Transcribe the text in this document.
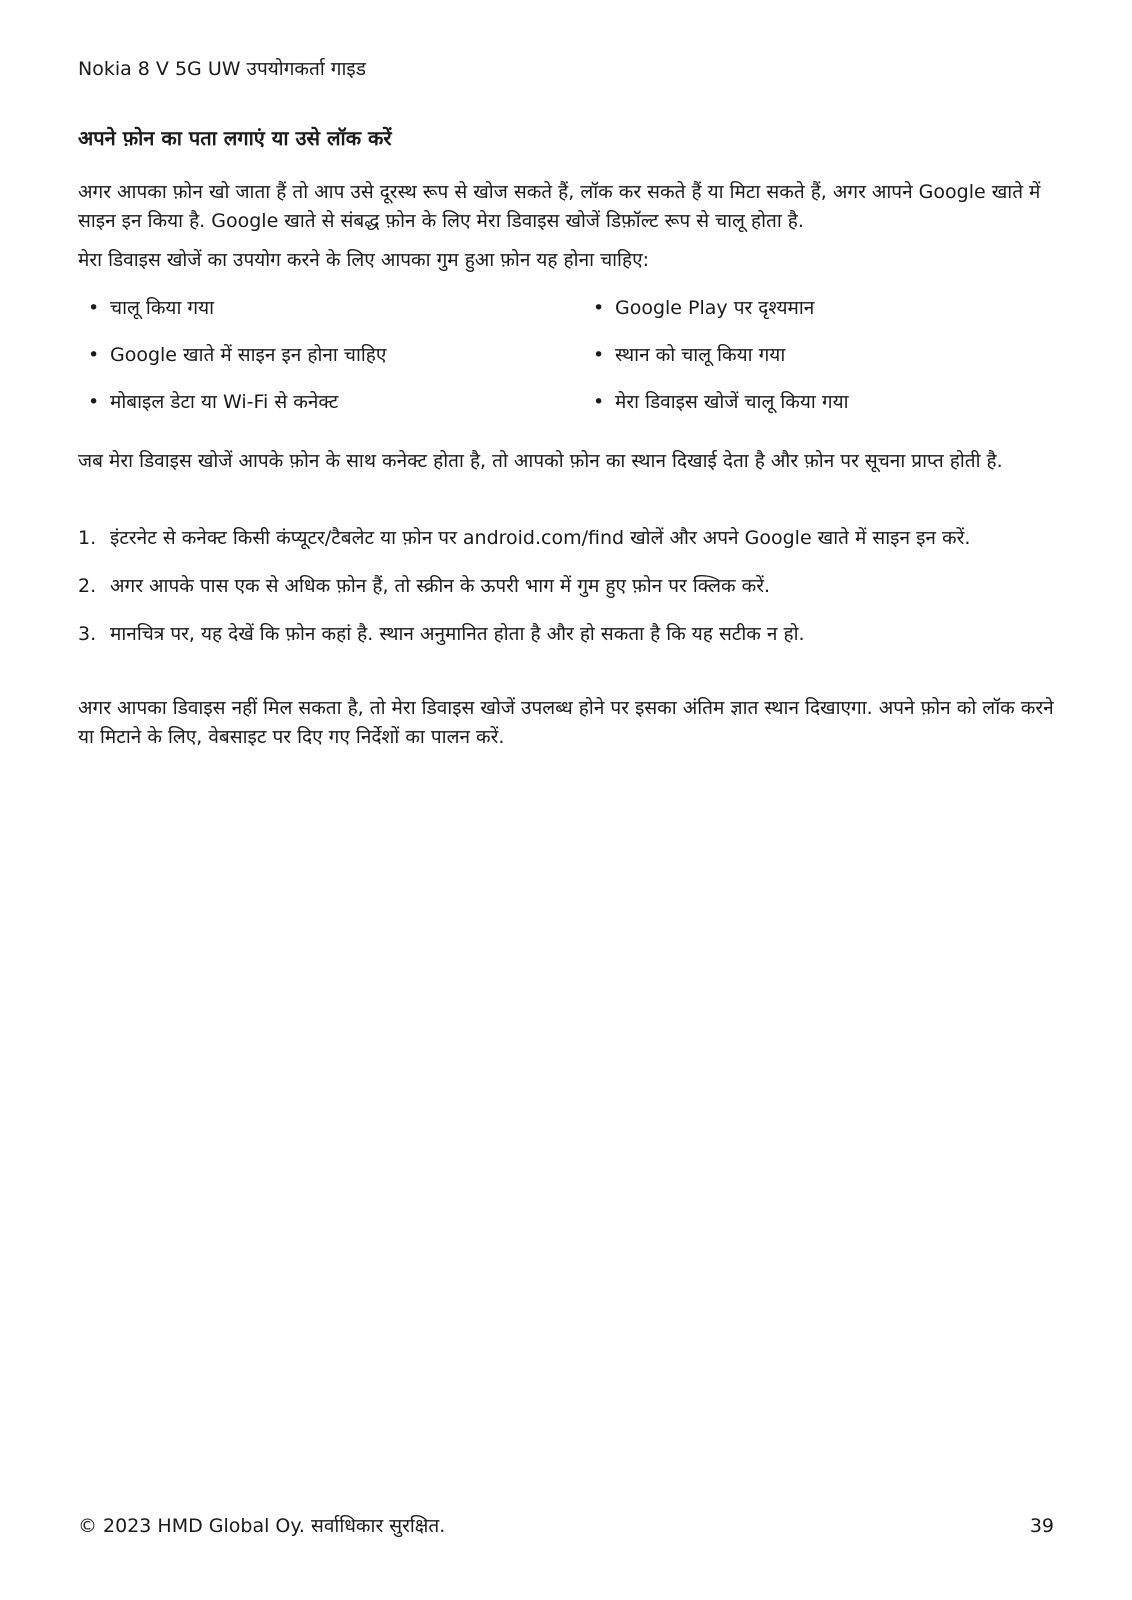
Nokia 8 V 5G UW उपयोगकर्ता गाइड
अपने फ़ोन का पता लगाएं या उसे लॉक करें

अगर आपका फ़ोन खो जाता हैं तो आप उसे दूरस्थ रूप से खोज सकते हैं, लॉक कर सकते हैं या मिटा सकते हैं, अगर आपने Google खाते में साइन इन किया है. Google खाते से संबद्ध फ़ोन के लिए मेरा डिवाइस खोजें डिफ़ॉल्ट रूप से चालू होता है.

मेरा डिवाइस खोजें का उपयोग करने के लिए आपका गुम हुआ फ़ोन यह होना चाहिए:

• चालू किया गया	• Google Play पर दृश्यमान
• Google खाते में साइन इन होना चाहिए	• स्थान को चालू किया गया
• मोबाइल डेटा या Wi-Fi से कनेक्ट	• मेरा डिवाइस खोजें चालू किया गया

जब मेरा डिवाइस खोजें आपके फ़ोन के साथ कनेक्ट होता है, तो आपको फ़ोन का स्थान दिखाई देता है और फ़ोन पर सूचना प्राप्त होती है.

1. इंटरनेट से कनेक्ट किसी कंप्यूटर/टैबलेट या फ़ोन पर android.com/find खोलें और अपने Google खाते में साइन इन करें.
2. अगर आपके पास एक से अधिक फ़ोन हैं, तो स्क्रीन के ऊपरी भाग में गुम हुए फ़ोन पर क्लिक करें.
3. मानचित्र पर, यह देखें कि फ़ोन कहां है. स्थान अनुमानित होता है और हो सकता है कि यह सटीक न हो.

अगर आपका डिवाइस नहीं मिल सकता है, तो मेरा डिवाइस खोजें उपलब्ध होने पर इसका अंतिम ज्ञात स्थान दिखाएगा. अपने फ़ोन को लॉक करने या मिटाने के लिए, वेबसाइट पर दिए गए निर्देशों का पालन करें.

© 2023 HMD Global Oy. सर्वाधिकार सुरक्षित.	39
